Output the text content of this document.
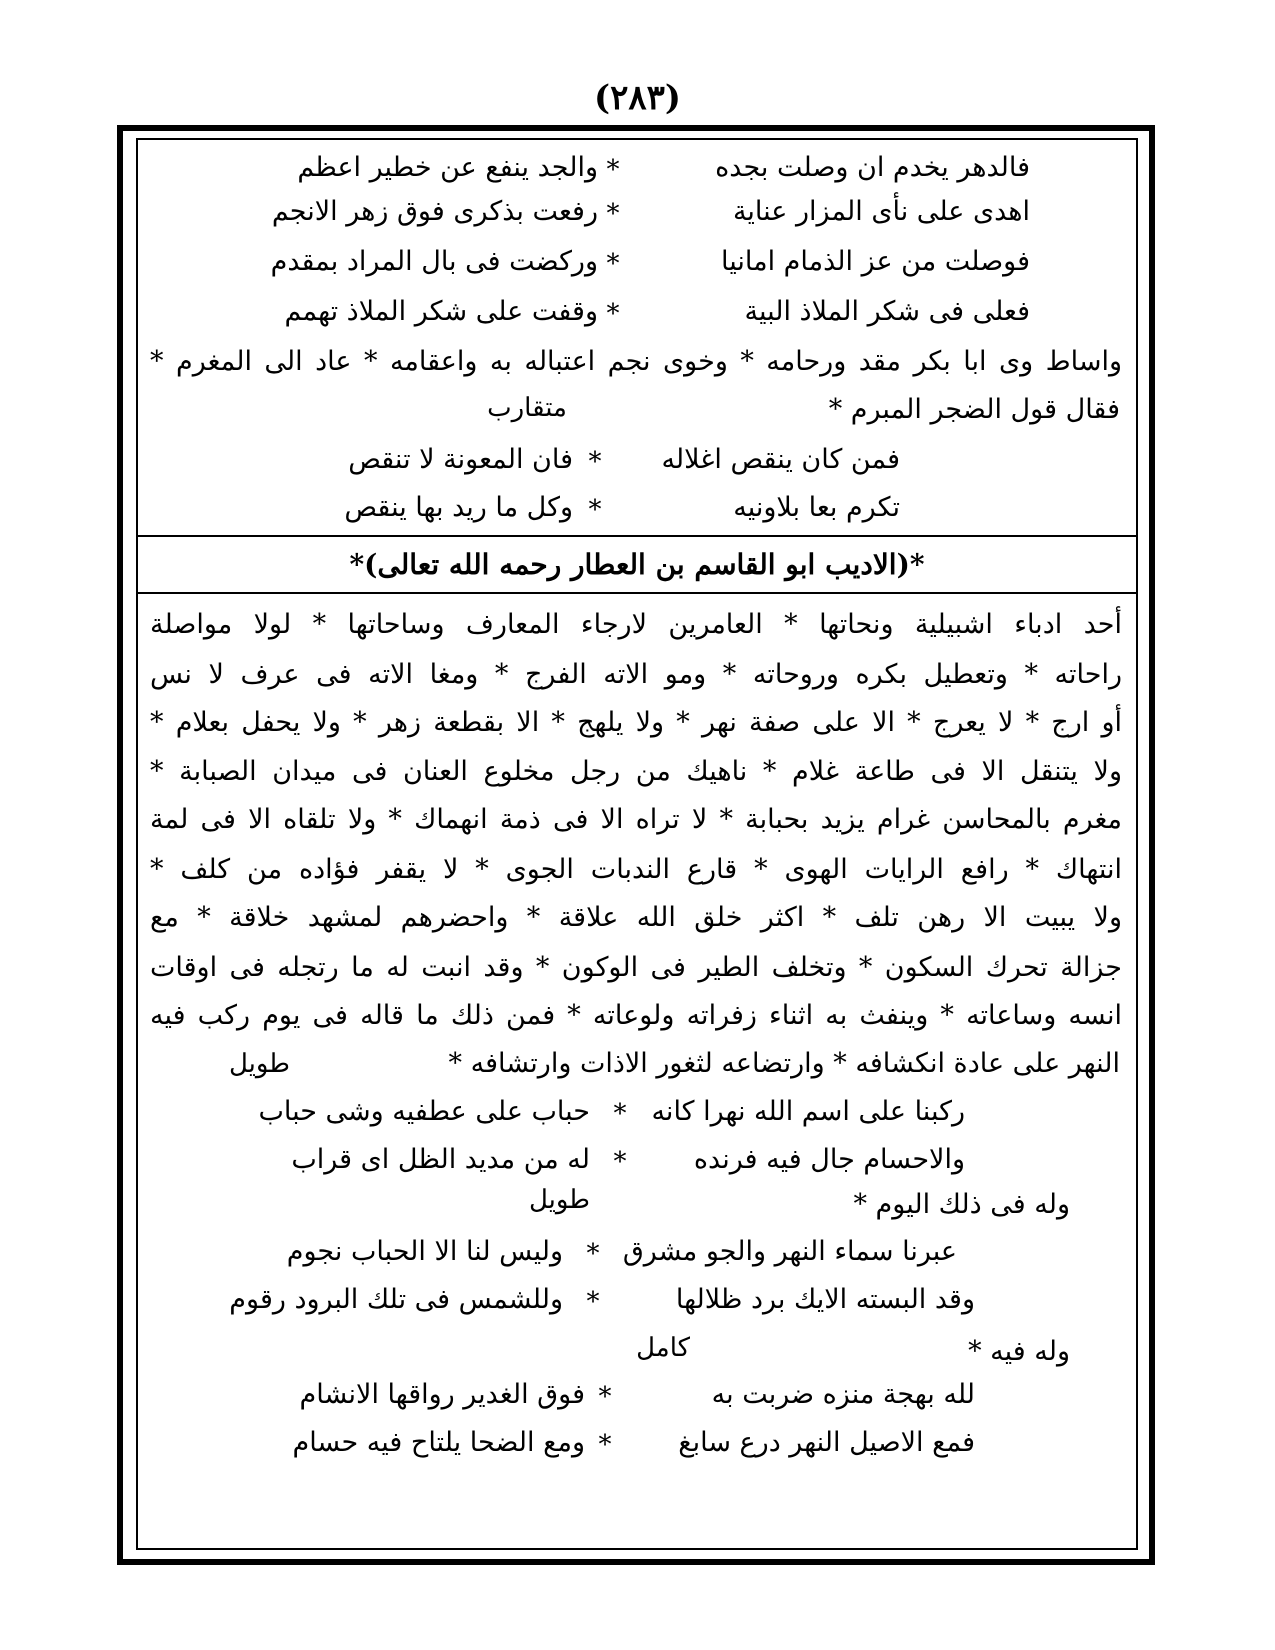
(٢٨٣)
فالدهر يخدم ان وصلت بجده
*
والجد ينفع عن خطير اعظم
اهدى على نأى المزار عناية
*
رفعت بذكرى فوق زهر الانجم
فوصلت من عز الذمام امانيا
*
وركضت فى بال المراد بمقدم
فعلى فى شكر الملاذ البية
*
وقفت على شكر الملاذ تهمم
واساط وى ابا بكر مقد ورحامه * وخوى نجم اعتباله به واعقامه * عاد الى المغرم *
فقال قول الضجر المبرم *
متقارب
فمن كان ينقص اغلاله
*
فان المعونة لا تنقص
تكرم بعا بلاونيه
*
وكل ما ريد بها ينقص
*(الاديب ابو القاسم بن العطار رحمه الله تعالى)*
أحد ادباء اشبيلية ونحاتها * العامرين لارجاء المعارف وساحاتها * لولا مواصلة
راحاته * وتعطيل بكره وروحاته * ومو الاته الفرج * ومغا الاته فى عرف لا نس
أو ارج * لا يعرج * الا على صفة نهر * ولا يلهج * الا بقطعة زهر * ولا يحفل بعلام *
ولا يتنقل الا فى طاعة غلام * ناهيك من رجل مخلوع العنان فى ميدان الصبابة *
مغرم بالمحاسن غرام يزيد بحبابة * لا تراه الا فى ذمة انهماك * ولا تلقاه الا فى لمة
انتهاك * رافع الرايات الهوى * قارع الندبات الجوى * لا يقفر فؤاده من كلف *
ولا يبيت الا رهن تلف * اكثر خلق الله علاقة * واحضرهم لمشهد خلاقة * مع
جزالة تحرك السكون * وتخلف الطير فى الوكون * وقد انبت له ما رتجله فى اوقات
انسه وساعاته * وينفث به اثناء زفراته ولوعاته * فمن ذلك ما قاله فى يوم ركب فيه
النهر على عادة انكشافه * وارتضاعه لثغور الاذات وارتشافه *
طويل
ركبنا على اسم الله نهرا كانه
*
حباب على عطفيه وشى حباب
والاحسام جال فيه فرنده
*
له من مديد الظل اى قراب
وله فى ذلك اليوم *
طويل
عبرنا سماء النهر والجو مشرق
*
وليس لنا الا الحباب نجوم
وقد البسته الايك برد ظلالها
*
وللشمس فى تلك البرود رقوم
وله فيه *
كامل
لله بهجة منزه ضربت به
*
فوق الغدير رواقها الانشام
فمع الاصيل النهر درع سابغ
*
ومع الضحا يلتاح فيه حسام
